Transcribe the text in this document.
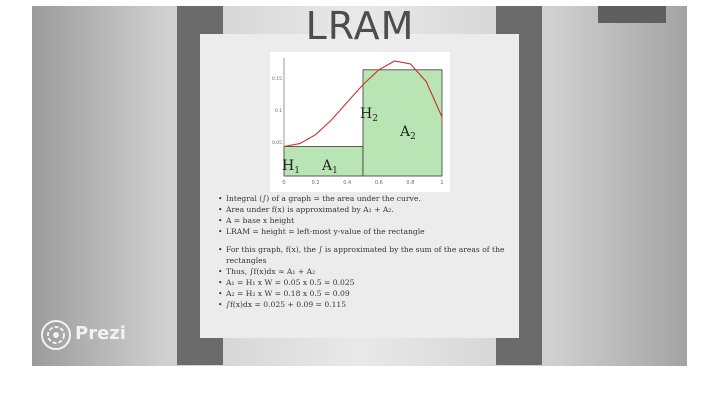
LRAM
0	0.2	0.4	0.6	0.8	1
0.15
0.1
0.05
$H_1$ $A_1$
$H_2$
$A_2$
• Integral (∫) of a graph = the area under the curve.
• Area under f(x) is approximated by A₁ + A₂.
• A = base x height
• LRAM = height = left-most y-value of the rectangle
• For this graph, f(x), the ∫ is approximated by the sum of the areas of the rectangles
• Thus, ∫f(x)dx ≈ A₁ + A₂
• A₁ = H₁ x W = 0.05 x 0.5 = 0.025
• A₂ = H₂ x W = 0.18 x 0.5 = 0.09
• ∫f(x)dx = 0.025 + 0.09 = 0.115
Prezi
